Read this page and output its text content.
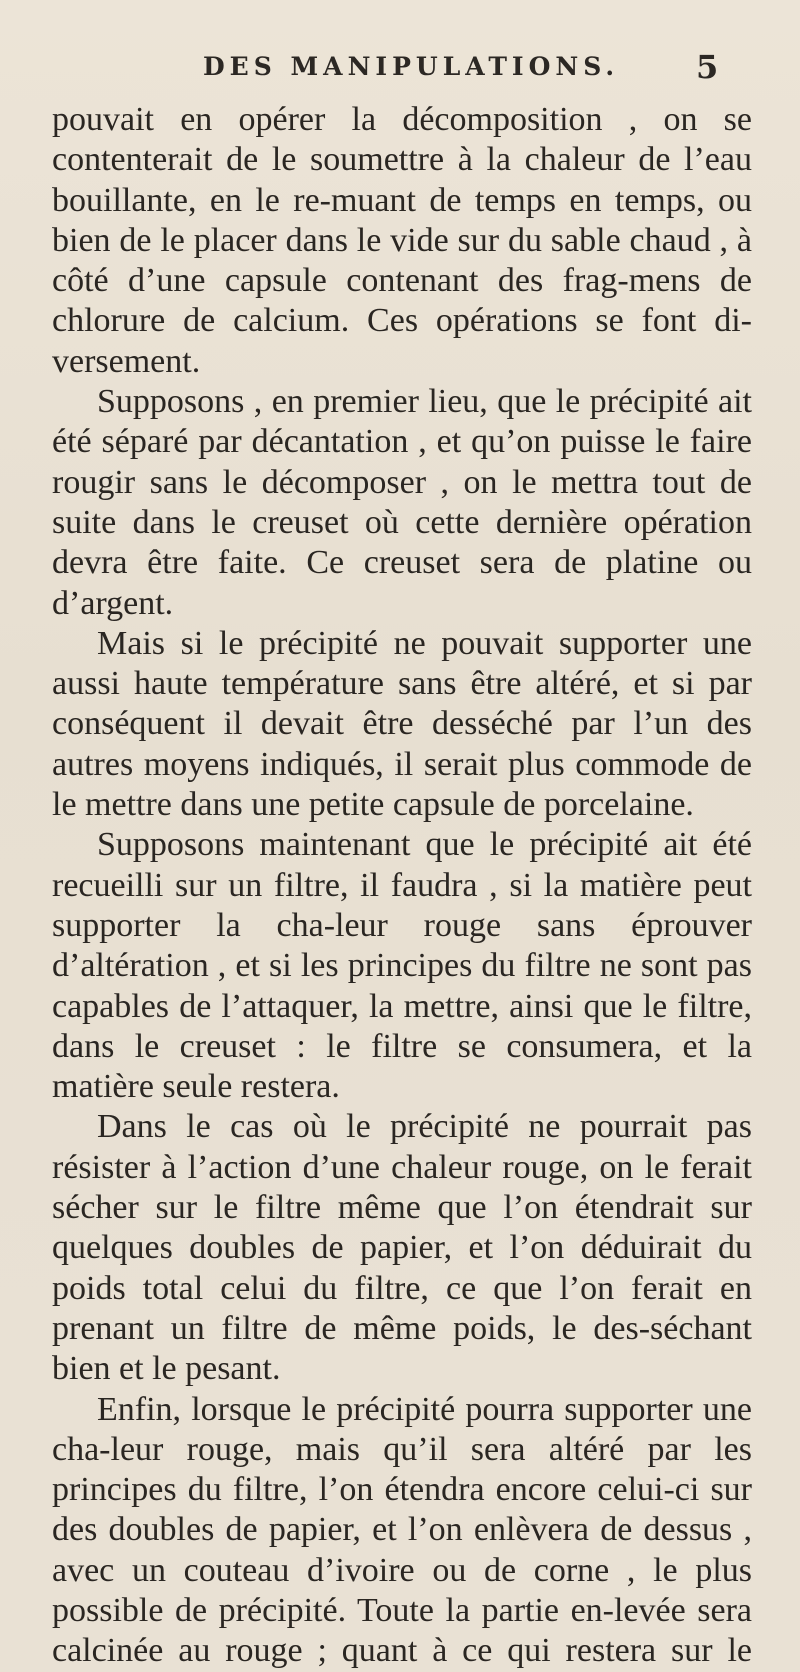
DES MANIPULATIONS. 5

pouvait en opérer la décomposition , on se contenterait de le soumettre à la chaleur de l’eau bouillante, en le re-muant de temps en temps, ou bien de le placer dans le vide sur du sable chaud , à côté d’une capsule contenant des frag-mens de chlorure de calcium. Ces opérations se font di-versement.

Supposons , en premier lieu, que le précipité ait été séparé par décantation , et qu’on puisse le faire rougir sans le décomposer , on le mettra tout de suite dans le creuset où cette dernière opération devra être faite. Ce creuset sera de platine ou d’argent.

Mais si le précipité ne pouvait supporter une aussi haute température sans être altéré, et si par conséquent il devait être desséché par l’un des autres moyens indiqués, il serait plus commode de le mettre dans une petite capsule de porcelaine.

Supposons maintenant que le précipité ait été recueilli sur un filtre, il faudra , si la matière peut supporter la cha-leur rouge sans éprouver d’altération , et si les principes du filtre ne sont pas capables de l’attaquer, la mettre, ainsi que le filtre, dans le creuset : le filtre se consumera, et la matière seule restera.

Dans le cas où le précipité ne pourrait pas résister à l’action d’une chaleur rouge, on le ferait sécher sur le filtre même que l’on étendrait sur quelques doubles de papier, et l’on déduirait du poids total celui du filtre, ce que l’on ferait en prenant un filtre de même poids, le des-séchant bien et le pesant.

Enfin, lorsque le précipité pourra supporter une cha-leur rouge, mais qu’il sera altéré par les principes du filtre, l’on étendra encore celui-ci sur des doubles de papier, et l’on enlèvera de dessus , avec un couteau d’ivoire ou de corne , le plus possible de précipité. Toute la partie en-levée sera calcinée au rouge ; quant à ce qui restera sur le
